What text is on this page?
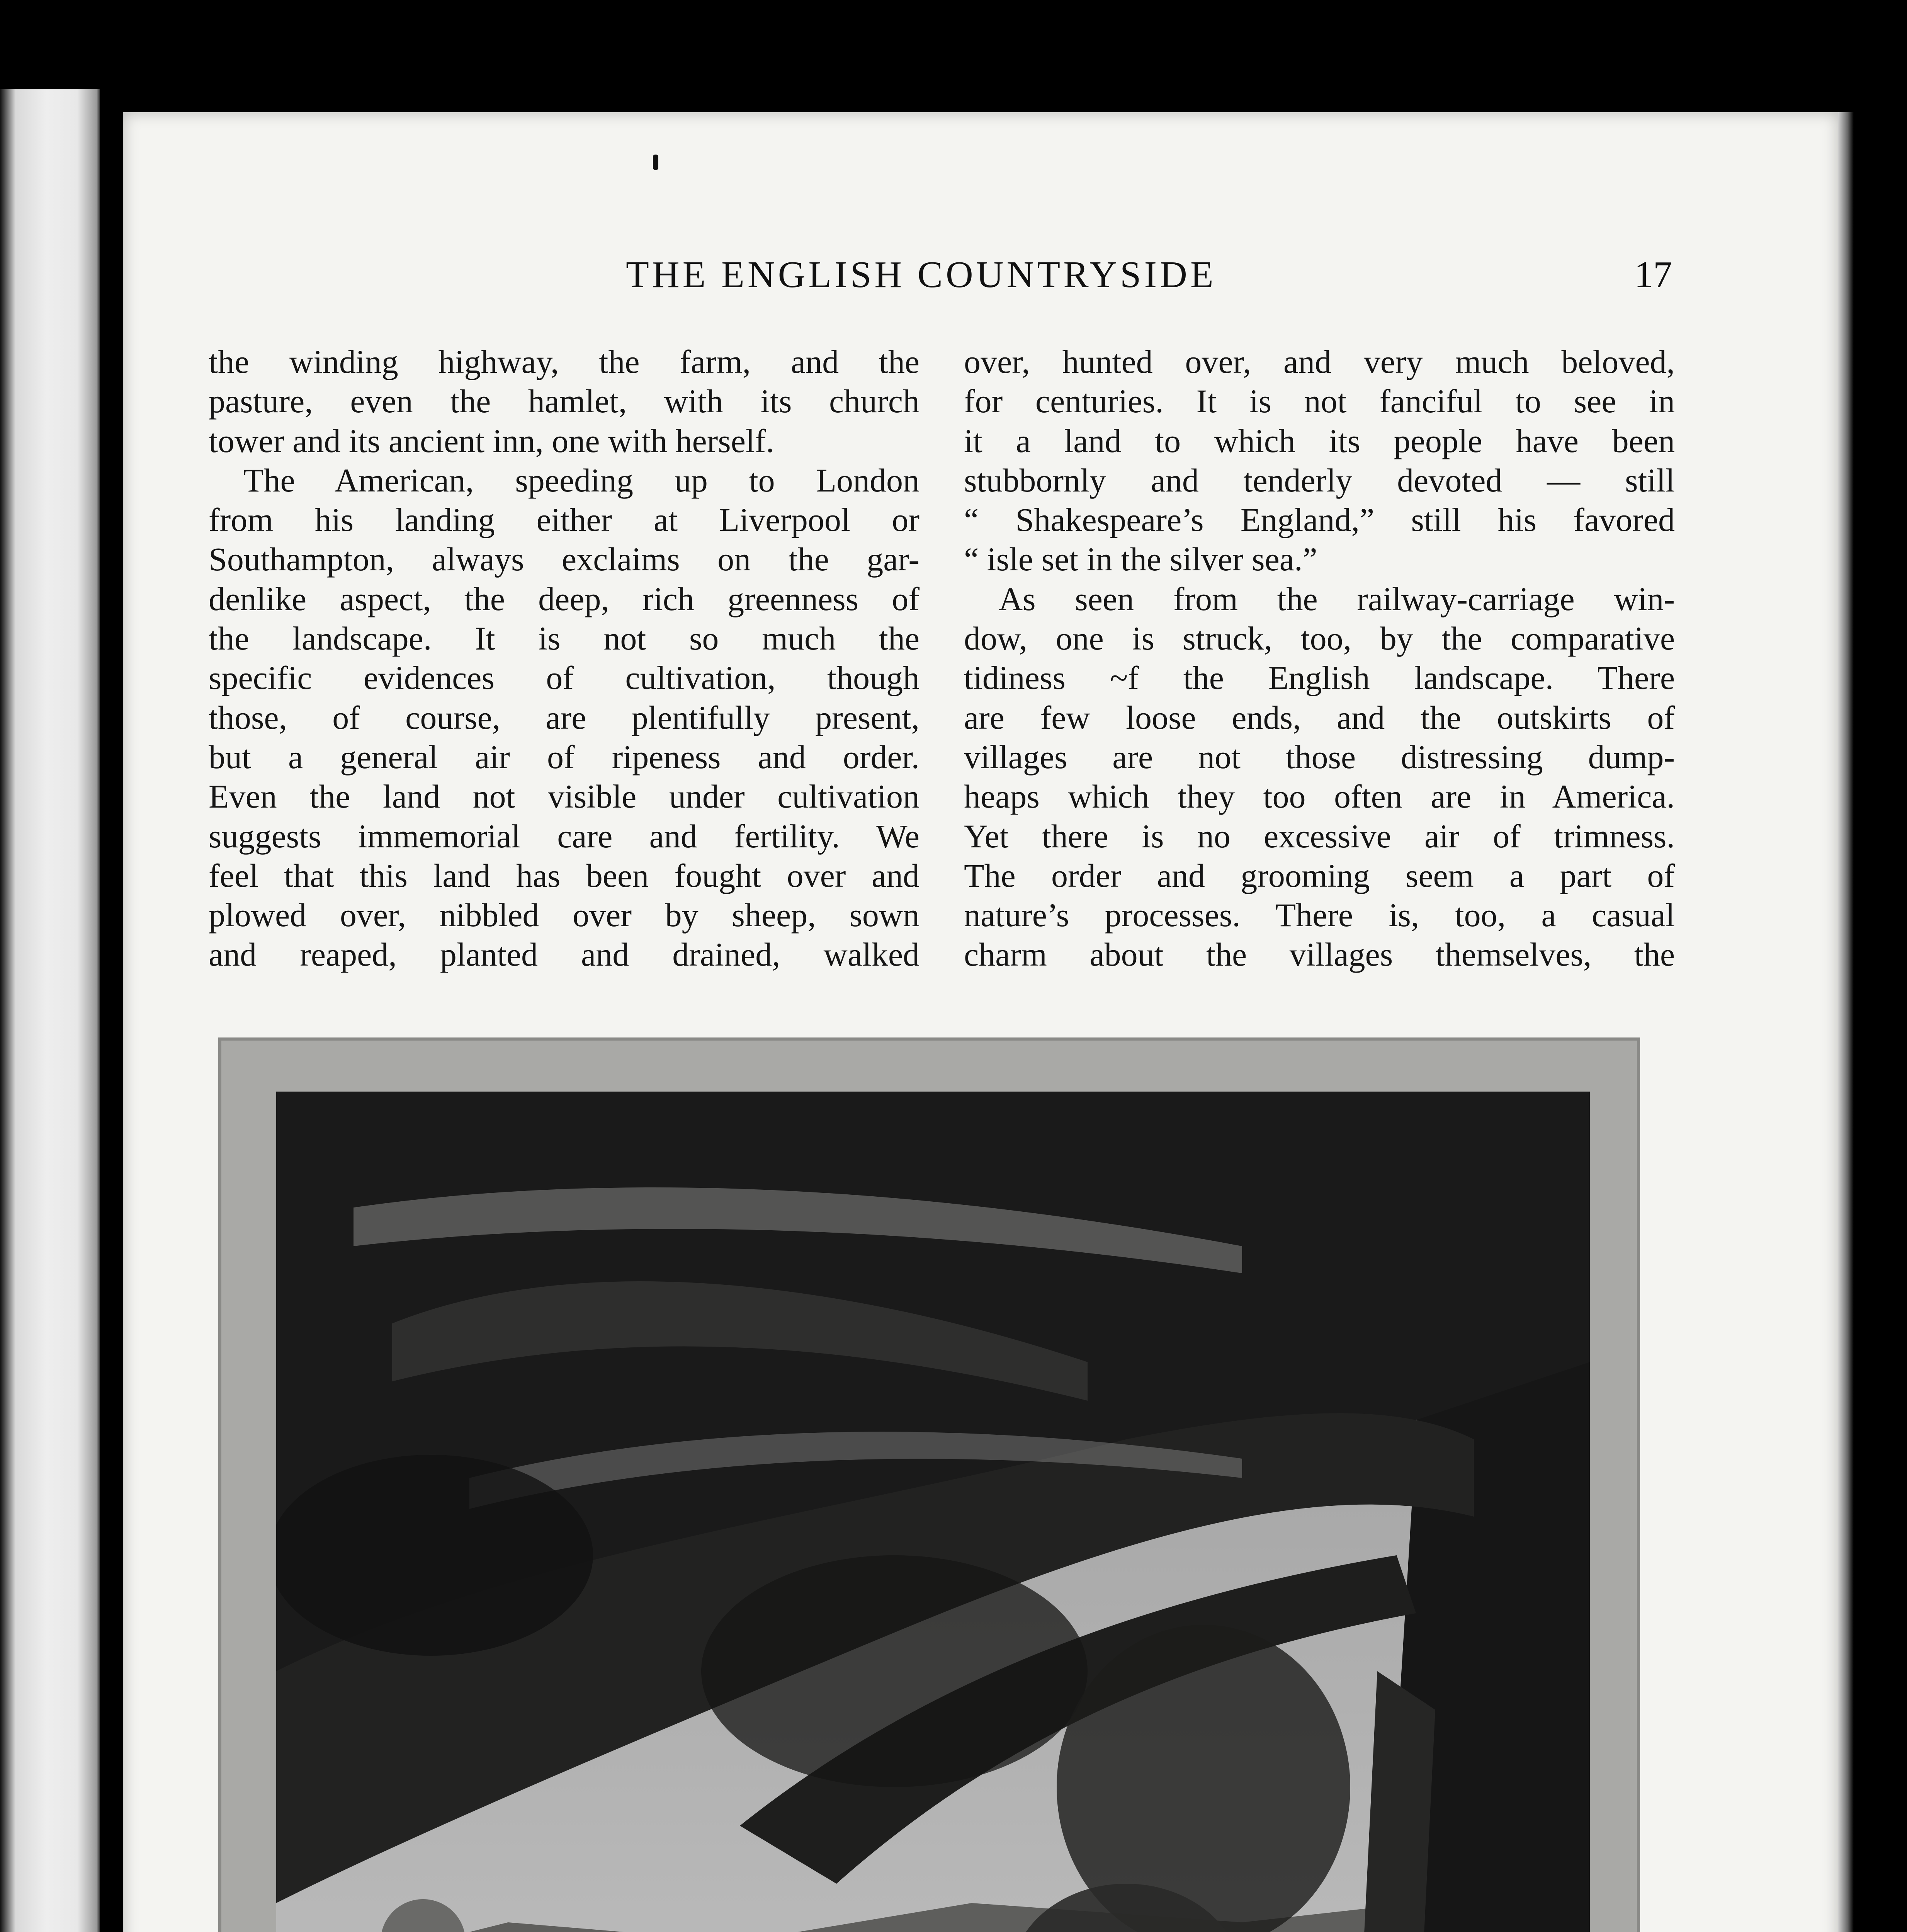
THE ENGLISH COUNTRYSIDE	17
the winding highway, the farm, and the
pasture, even the hamlet, with its church
tower and its ancient inn, one with herself.
The American, speeding up to London
from his landing either at Liverpool or
Southampton, always exclaims on the gar-
denlike aspect, the deep, rich greenness of
the landscape. It is not so much the
specific evidences of cultivation, though
those, of course, are plentifully present,
but a general air of ripeness and order.
Even the land not visible under cultivation
suggests immemorial care and fertility. We
feel that this land has been fought over and
plowed over, nibbled over by sheep, sown
and reaped, planted and drained, walked
over, hunted over, and very much beloved,
for centuries. It is not fanciful to see in
it a land to which its people have been
stubbornly and tenderly devoted — still
“ Shakespeare’s England,” still his favored
“ isle set in the silver sea.”
As seen from the railway-carriage win-
dow, one is struck, too, by the comparative
tidiness ~f the English landscape. There
are few loose ends, and the outskirts of
villages are not those distressing dump-
heaps which they too often are in America.
Yet there is no excessive air of trimness.
The order and grooming seem a part of
nature’s processes. There is, too, a casual
charm about the villages themselves, the
